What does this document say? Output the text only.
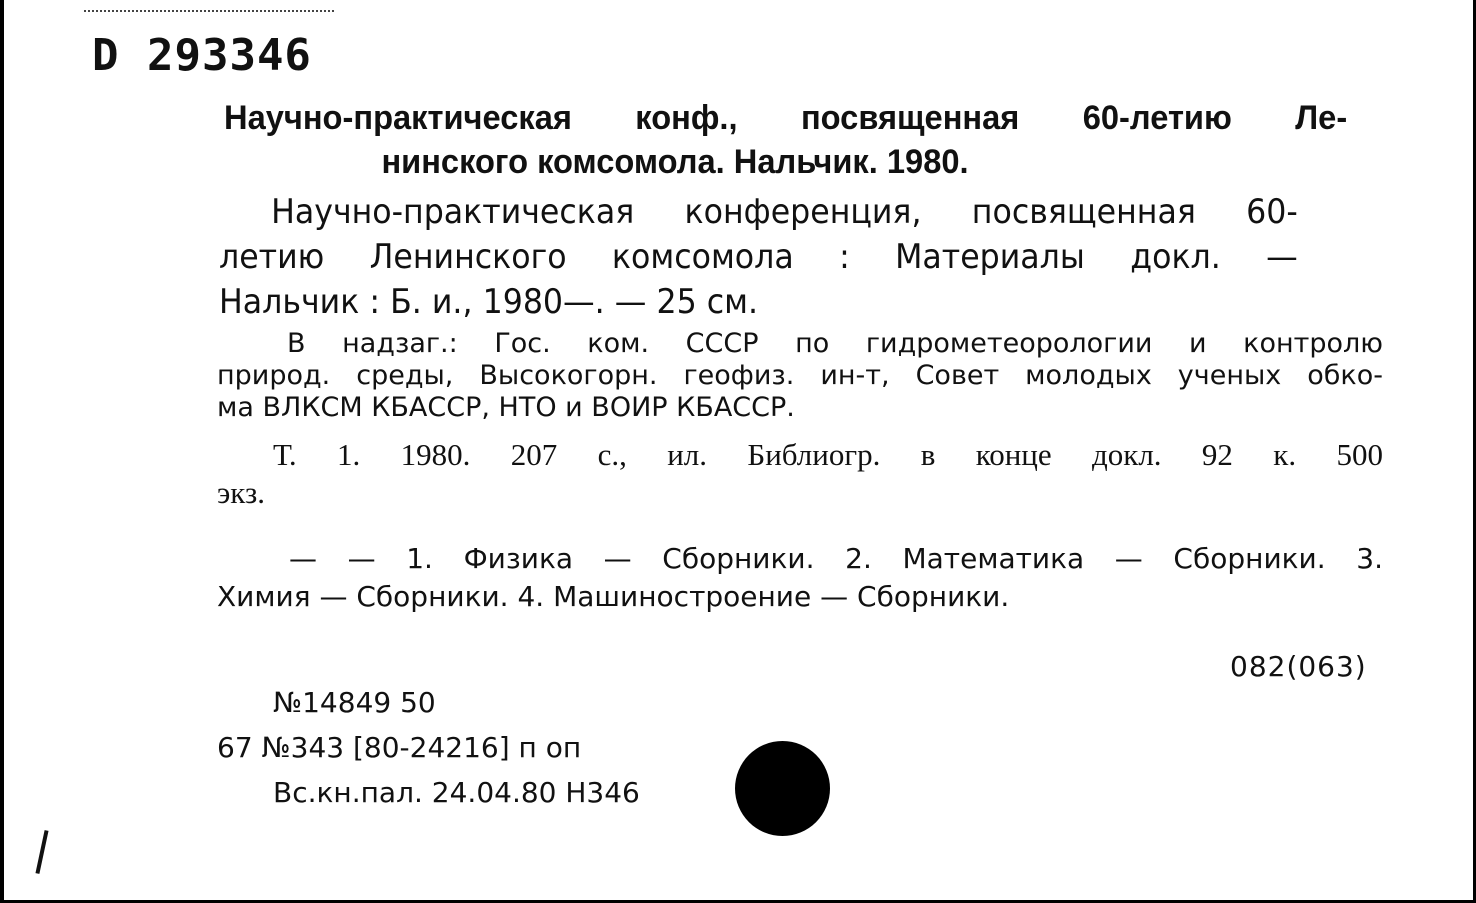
D 293346
Научно-практическая конф., посвященная 60-летию Ле-
нинского комсомола. Нальчик. 1980.
Научно-практическая конференция, посвященная 60-
летию Ленинского комсомола : Материалы докл. —
Нальчик : Б. и., 1980—. — 25 см.
В надзаг.: Гос. ком. СССР по гидрометеорологии и контролю
природ. среды, Высокогорн. геофиз. ин-т, Совет молодых ученых обко-
ма ВЛКСМ КБАССР, НТО и ВОИР КБАССР.
Т. 1. 1980. 207 с., ил. Библиогр. в конце докл. 92 к. 500
экз.
— — 1. Физика — Сборники. 2. Математика — Сборники. 3.
Химия — Сборники. 4. Машиностроение — Сборники.
082(063)
№14849 50
67 №343 [80-24216] п оп
Вс.кн.пал. 24.04.80 Н346
